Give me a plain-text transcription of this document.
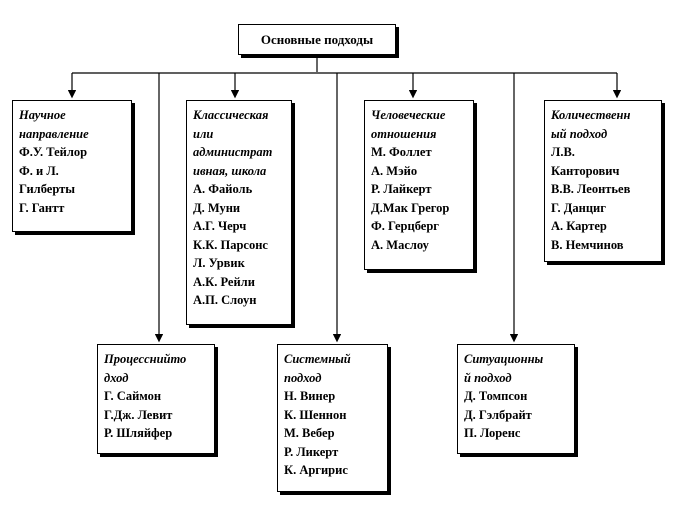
Основные подходы
Научное
направление
Ф.У. Тейлор
Ф. и Л.
Гилберты
Г. Гантт
Классическая
или
администрат
ивная, школа
А. Файоль
Д. Муни
А.Г. Черч
К.К. Парсонс
Л. Урвик
А.К. Рейли
А.П. Слоун
Человеческие
отношения
М. Фоллет
А. Мэйо
Р. Лайкерт
Д.Мак Грегор
Ф. Герцберг
А. Маслоу
Количественн
ый подход
Л.В.
Канторович
В.В. Леонтьев
Г. Данциг
А. Картер
В. Немчинов
Процесснийто
дход
Г. Саймон
Г.Дж. Левит
Р. Шляйфер
Системный
подход
Н. Винер
К. Шеннон
М. Вебер
Р. Ликерт
К. Аргирис
Ситуационны
й подход
Д. Томпсон
Д. Гэлбрайт
П. Лоренс
